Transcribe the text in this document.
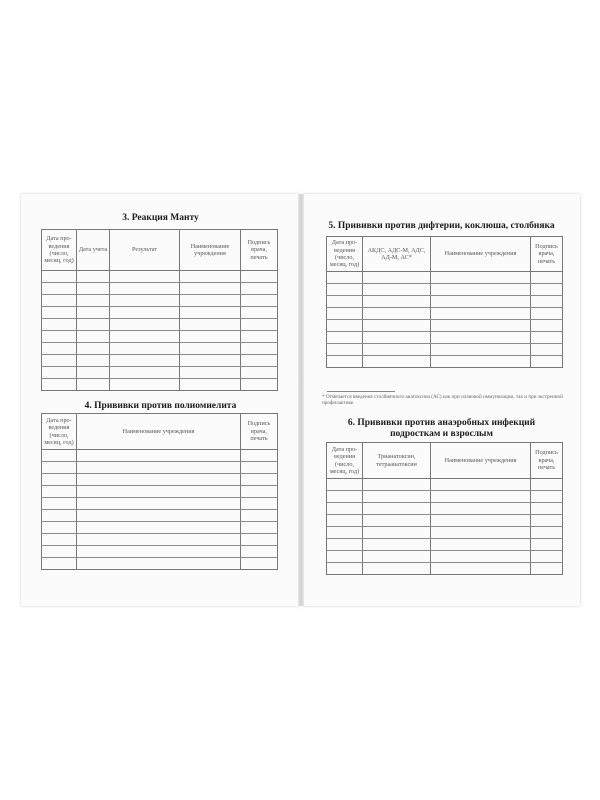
3. Реакция Манту
Дата про-ведения (число, месяц, год)	Дата учета	Результат	Наименование учреждения	Подпись врача, печать

4. Прививки против полиомиелита
Дата про-ведения (число, месяц, год)	Наименование учреждения	Подпись врача, печать

5. Прививки против дифтерии, коклюша, столбняка
Дата про-ведения (число, месяц, год)	АКДС, АДС-М, АДС, АД-М, АС*	Наименование учреждения	Подпись врача, печать

* Отмечается введение столбнячного анатоксина (АС) как при плановой иммунизации, так и при экстренной профилактике.
6. Прививки против анаэробных инфекций
подросткам и взрослым
Дата про-ведения (число, месяц, год)	Трианатоксин, тетраанатоксин	Наименование учреждения	Подпись врача, печать
